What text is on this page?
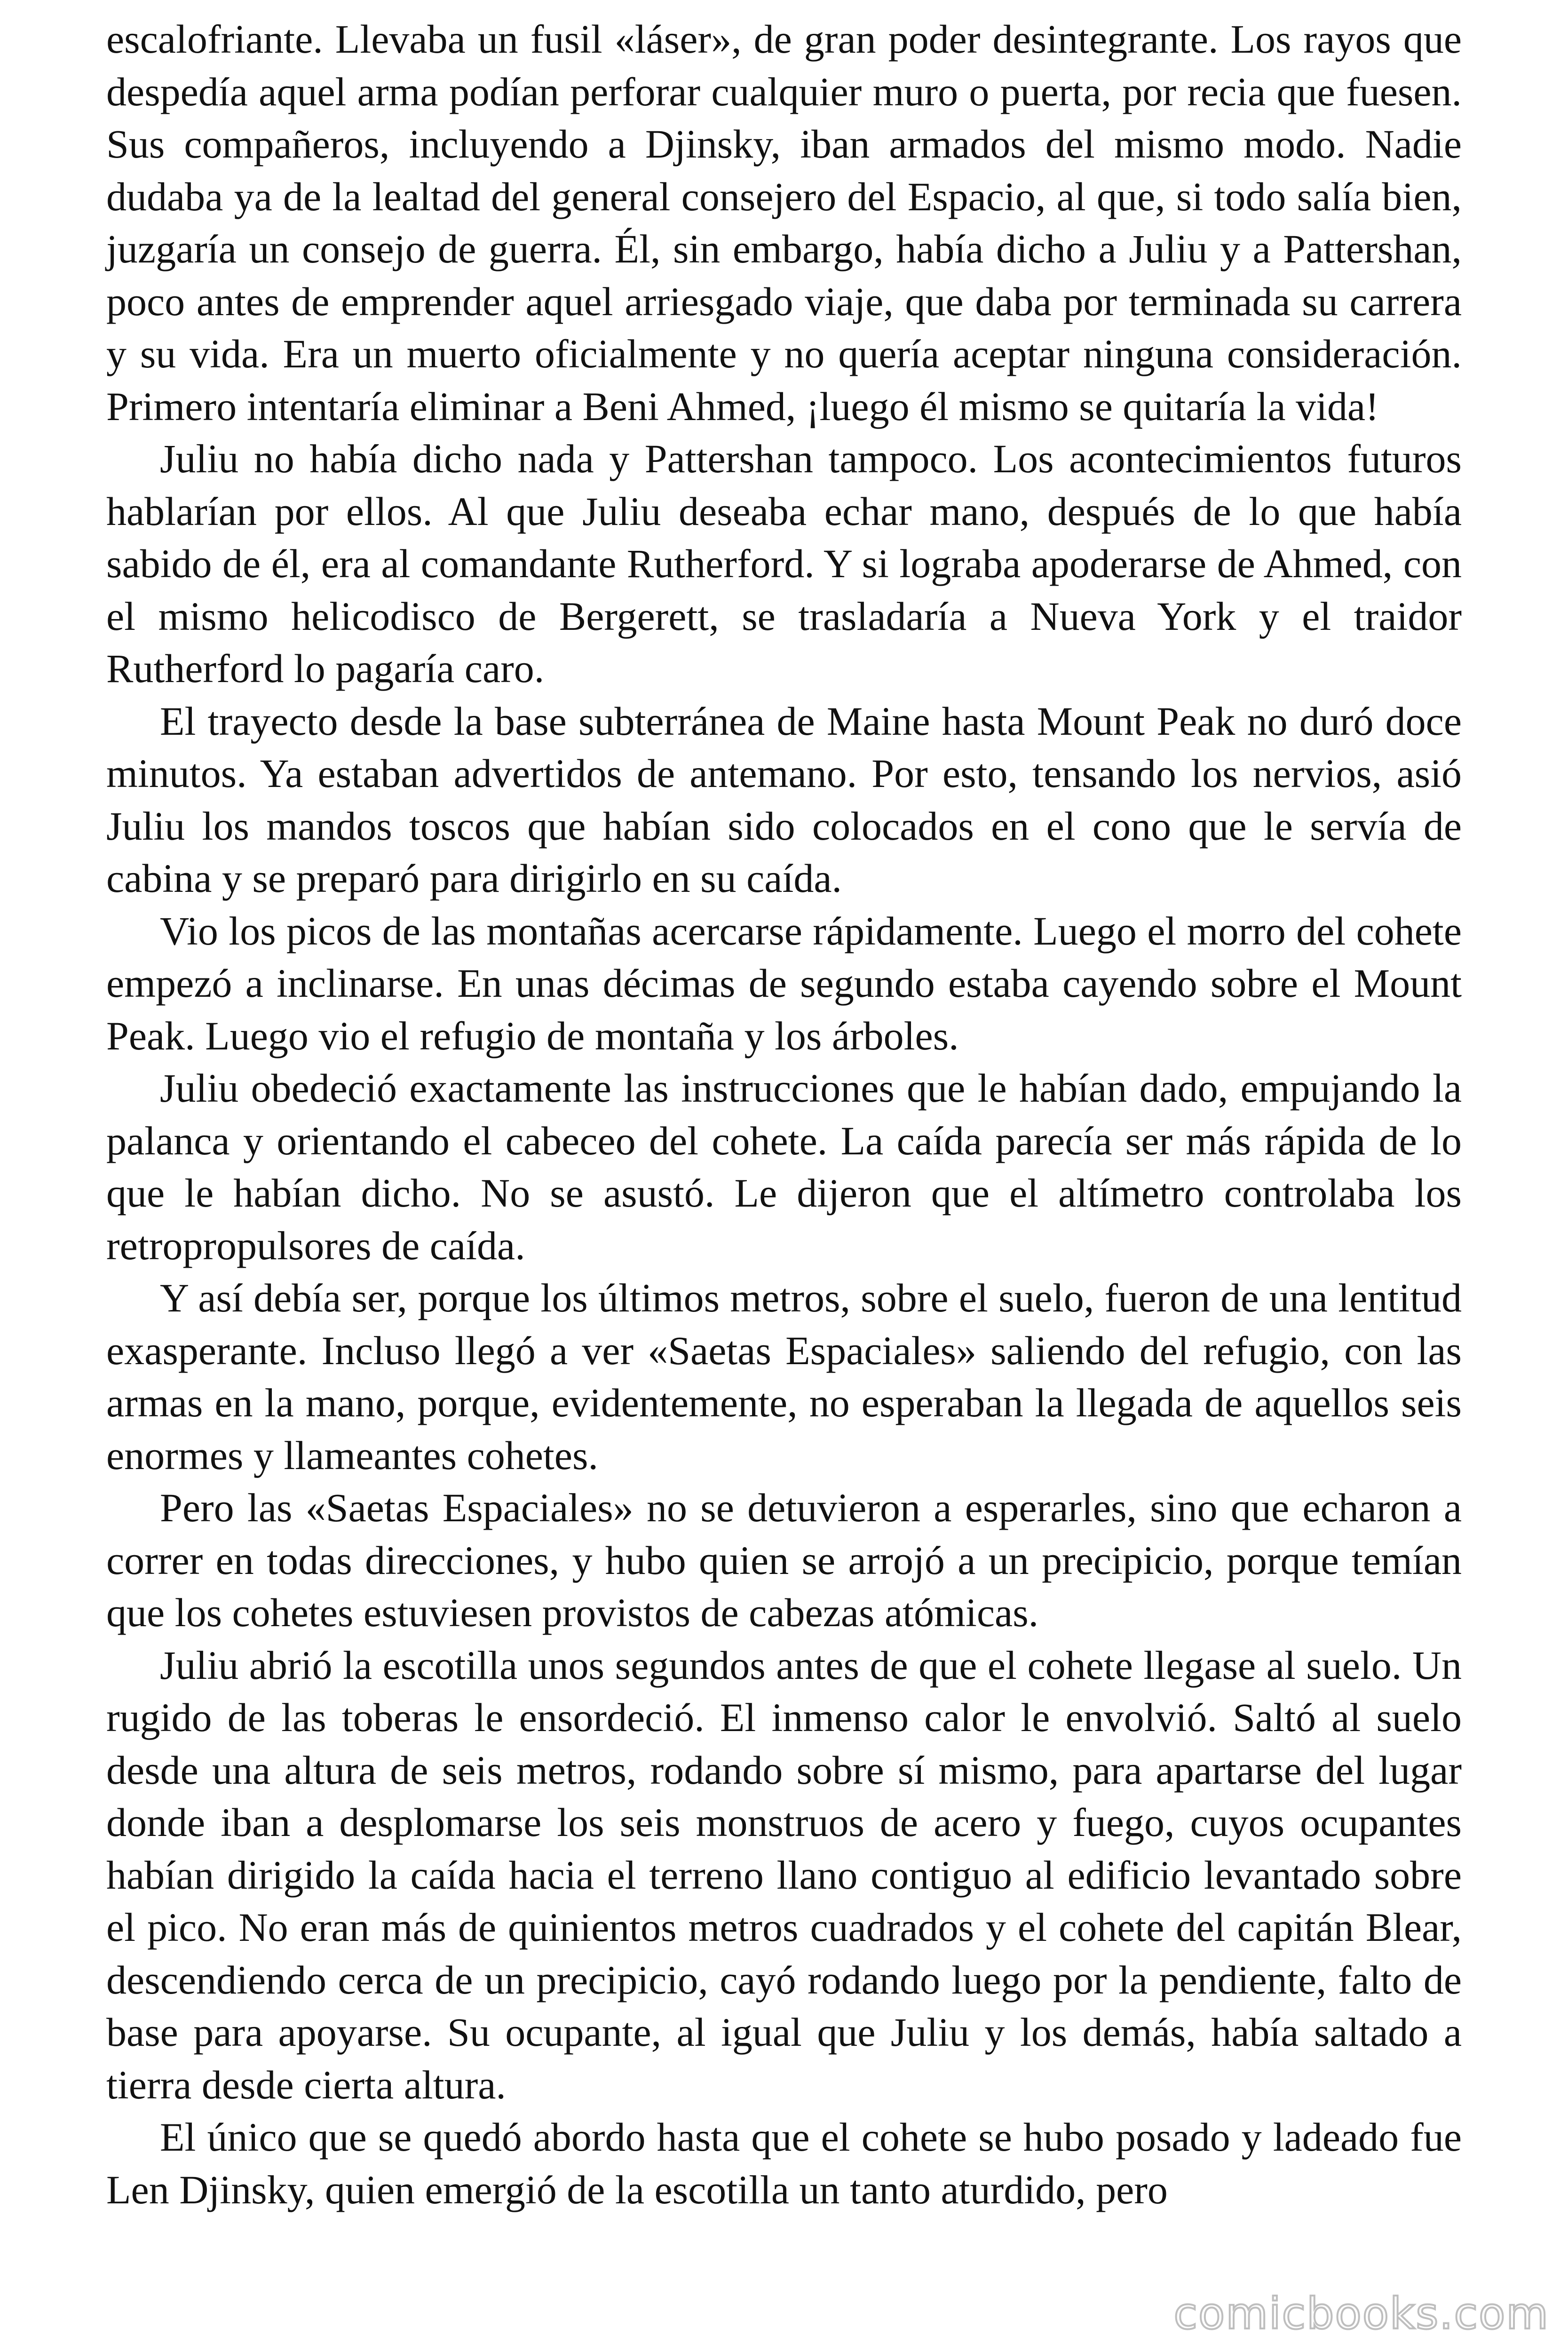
escalofriante. Llevaba un fusil «láser», de gran poder desintegrante. Los rayos que despedía aquel arma podían perforar cualquier muro o puerta, por recia que fuesen. Sus compañeros, incluyendo a Djinsky, iban armados del mismo modo. Nadie dudaba ya de la lealtad del general consejero del Espacio, al que, si todo salía bien, juzgaría un consejo de guerra. Él, sin embargo, había dicho a Juliu y a Pattershan, poco antes de emprender aquel arriesgado viaje, que daba por terminada su carrera y su vida. Era un muerto oficialmente y no quería aceptar ninguna consideración. Primero intentaría eliminar a Beni Ahmed, ¡luego él mismo se quitaría la vida!

Juliu no había dicho nada y Pattershan tampoco. Los acontecimientos futuros hablarían por ellos. Al que Juliu deseaba echar mano, después de lo que había sabido de él, era al comandante Rutherford. Y si lograba apoderarse de Ahmed, con el mismo helicodisco de Bergerett, se trasladaría a Nueva York y el traidor Rutherford lo pagaría caro.

El trayecto desde la base subterránea de Maine hasta Mount Peak no duró doce minutos. Ya estaban advertidos de antemano. Por esto, tensando los nervios, asió Juliu los mandos toscos que habían sido colocados en el cono que le servía de cabina y se preparó para dirigirlo en su caída.

Vio los picos de las montañas acercarse rápidamente. Luego el morro del cohete empezó a inclinarse. En unas décimas de segundo estaba cayendo sobre el Mount Peak. Luego vio el refugio de montaña y los árboles.

Juliu obedeció exactamente las instrucciones que le habían dado, empujando la palanca y orientando el cabeceo del cohete. La caída parecía ser más rápida de lo que le habían dicho. No se asustó. Le dijeron que el altímetro controlaba los retropropulsores de caída.

Y así debía ser, porque los últimos metros, sobre el suelo, fueron de una lentitud exasperante. Incluso llegó a ver «Saetas Espaciales» saliendo del refugio, con las armas en la mano, porque, evidentemente, no esperaban la llegada de aquellos seis enormes y llameantes cohetes.

Pero las «Saetas Espaciales» no se detuvieron a esperarles, sino que echaron a correr en todas direcciones, y hubo quien se arrojó a un precipicio, porque temían que los cohetes estuviesen provistos de cabezas atómicas.

Juliu abrió la escotilla unos segundos antes de que el cohete llegase al suelo. Un rugido de las toberas le ensordeció. El inmenso calor le envolvió. Saltó al suelo desde una altura de seis metros, rodando sobre sí mismo, para apartarse del lugar donde iban a desplomarse los seis monstruos de acero y fuego, cuyos ocupantes habían dirigido la caída hacia el terreno llano contiguo al edificio levantado sobre el pico. No eran más de quinientos metros cuadrados y el cohete del capitán Blear, descendiendo cerca de un precipicio, cayó rodando luego por la pendiente, falto de base para apoyarse. Su ocupante, al igual que Juliu y los demás, había saltado a tierra desde cierta altura.

El único que se quedó abordo hasta que el cohete se hubo posado y ladeado fue Len Djinsky, quien emergió de la escotilla un tanto aturdido, pero

comicbooks.com
